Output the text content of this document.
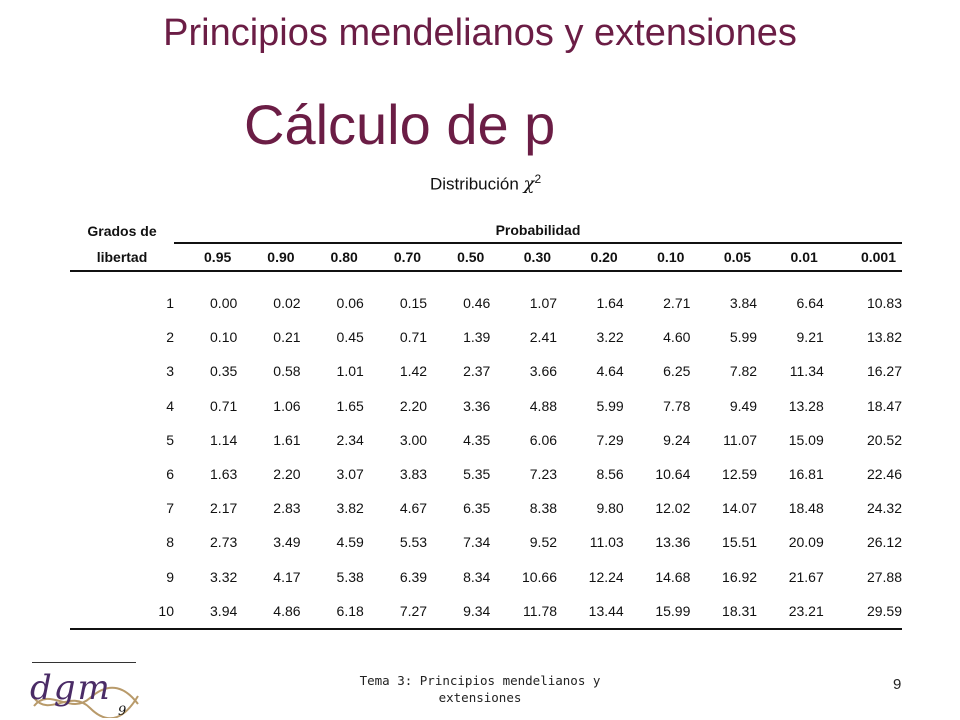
Principios mendelianos y extensiones
Cálculo de p
Distribución $\chi^2$
Grados de	Probabilidad										
libertad	0.95	0.90	0.80	0.70	0.50	0.30	0.20	0.10	0.05	0.01	0.001

1	0.00	0.02	0.06	0.15	0.46	1.07	1.64	2.71	3.84	6.64	10.83
2	0.10	0.21	0.45	0.71	1.39	2.41	3.22	4.60	5.99	9.21	13.82
3	0.35	0.58	1.01	1.42	2.37	3.66	4.64	6.25	7.82	11.34	16.27
4	0.71	1.06	1.65	2.20	3.36	4.88	5.99	7.78	9.49	13.28	18.47
5	1.14	1.61	2.34	3.00	4.35	6.06	7.29	9.24	11.07	15.09	20.52
6	1.63	2.20	3.07	3.83	5.35	7.23	8.56	10.64	12.59	16.81	22.46
7	2.17	2.83	3.82	4.67	6.35	8.38	9.80	12.02	14.07	18.48	24.32
8	2.73	3.49	4.59	5.53	7.34	9.52	11.03	13.36	15.51	20.09	26.12
9	3.32	4.17	5.38	6.39	8.34	10.66	12.24	14.68	16.92	21.67	27.88
10	3.94	4.86	6.18	7.27	9.34	11.78	13.44	15.99	18.31	23.21	29.59
dgm
9
Tema 3: Principios mendelianos y
extensiones
9
